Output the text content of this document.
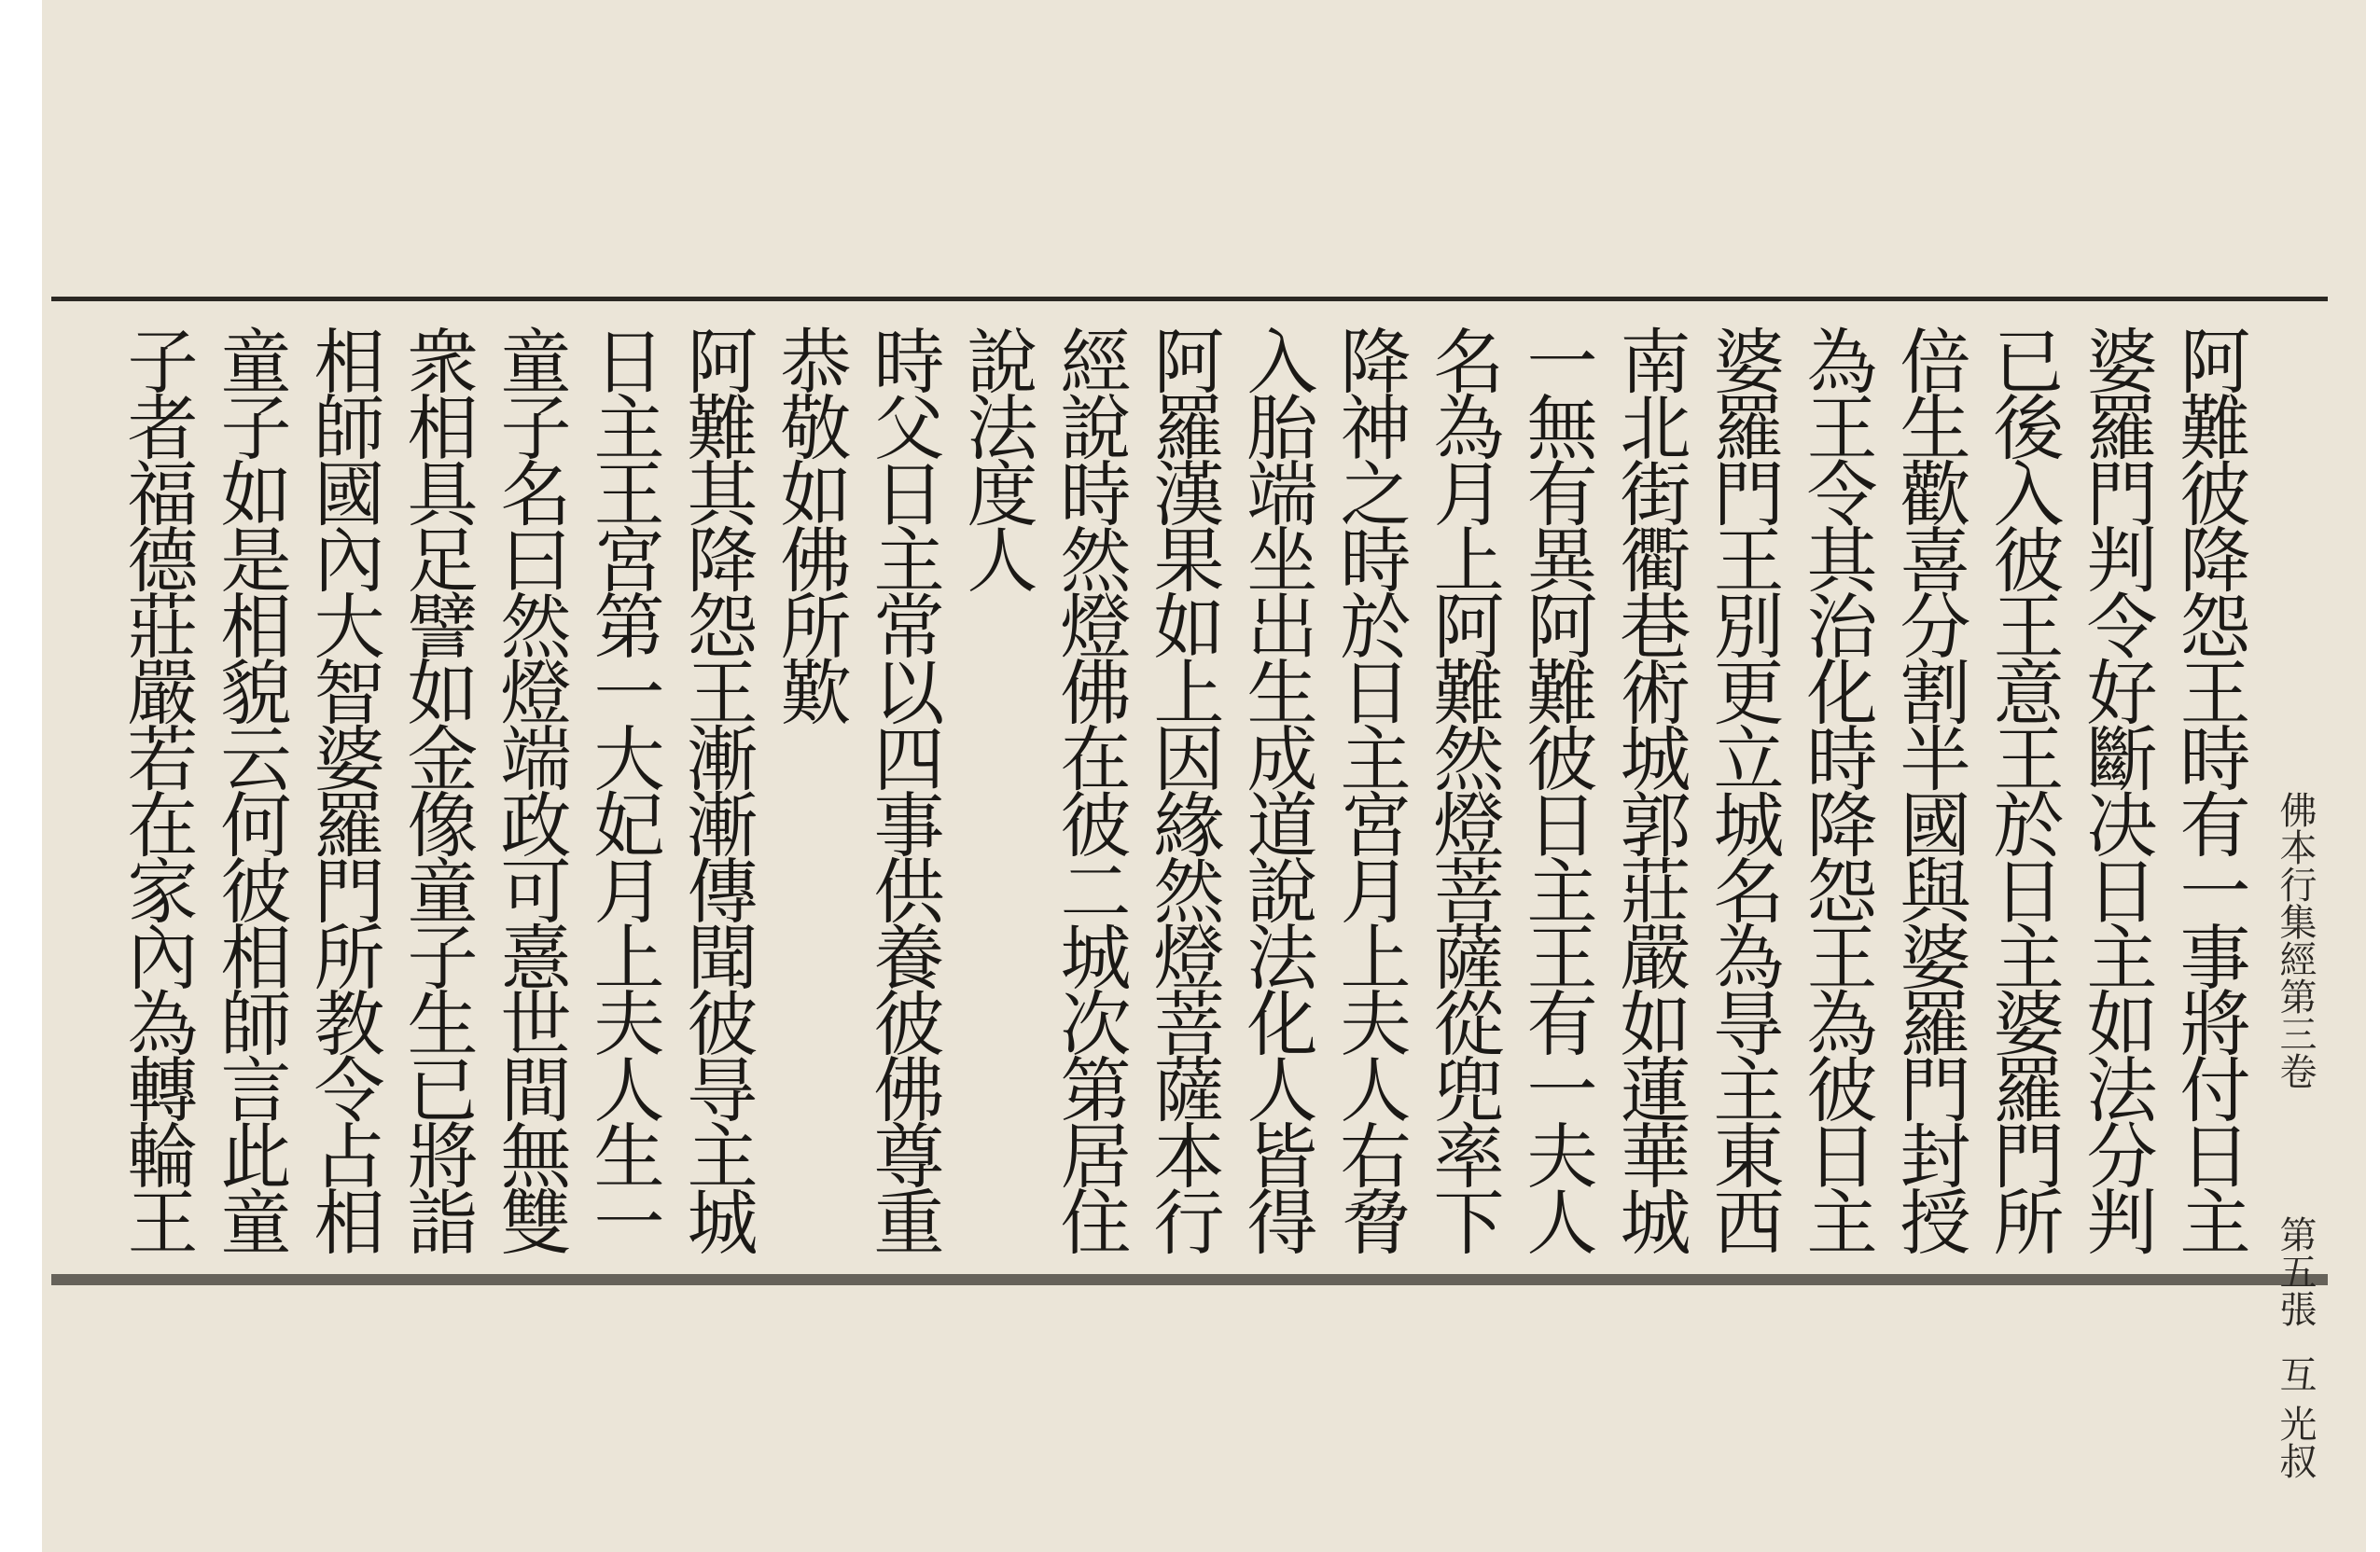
佛本行集經第三卷
第五張
互 光叔
阿難彼降怨王時有一事將付日主
婆羅門判令好斷决日主如法分判
已後入彼王意王於日主婆羅門所
倍生歡喜分割半國與婆羅門封授
為王令其治化時降怨王為彼日主
婆羅門王別更立城名為㝵主東西
南北街衢巷術城郭莊嚴如蓮華城
一無有異阿難彼日主王有一夫人
名為月上阿難然燈菩薩從兜率下
降神之時於日主宮月上夫人右脅
入胎端坐出生成道說法化人皆得
阿羅漢果如上因緣然燈菩薩本行
經說時然燈佛在彼二城次第居住
說法度人
時父日主常以四事供養彼佛尊重
恭敬如佛所歎
阿難其降怨王漸漸傳聞彼㝵主城
日主王宮第一大妃月上夫人生一
童子名曰然燈端政可憙世間無雙
衆相具足譬如金像童子生已將詣
相師國內大智婆羅門所教令占相
童子如是相貌云何彼相師言此童
子者福德莊嚴若在家內為轉輪王
